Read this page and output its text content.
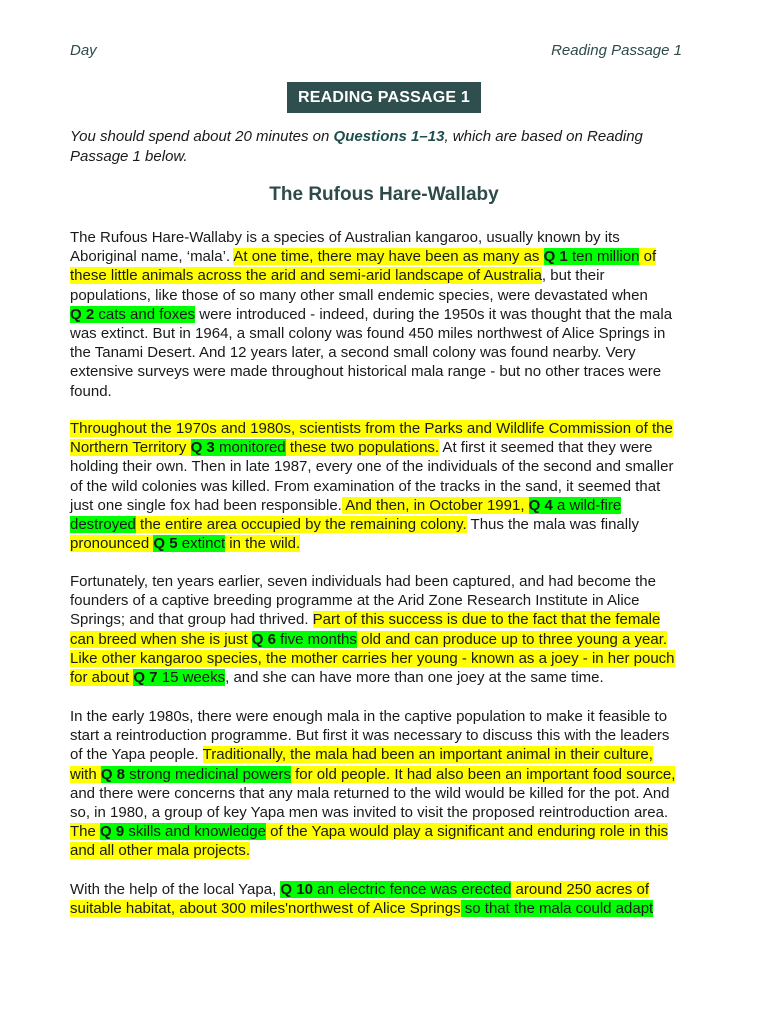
Day	Reading Passage 1
READING PASSAGE 1
You should spend about 20 minutes on Questions 1–13, which are based on Reading Passage 1 below.
The Rufous Hare-Wallaby
The Rufous Hare-Wallaby is a species of Australian kangaroo, usually known by its
Aboriginal name, ‘mala’. At one time, there may have been as many as Q 1 ten million of
these little animals across the arid and semi-arid landscape of Australia, but their
populations, like those of so many other small endemic species, were devastated when
Q 2 cats and foxes were introduced - indeed, during the 1950s it was thought that the mala
was extinct. But in 1964, a small colony was found 450 miles northwest of Alice Springs in
the Tanami Desert. And 12 years later, a second small colony was found nearby. Very
extensive surveys were made throughout historical mala range - but no other traces were
found.
Throughout the 1970s and 1980s, scientists from the Parks and Wildlife Commission of the
Northern Territory Q 3 monitored these two populations. At first it seemed that they were
holding their own. Then in late 1987, every one of the individuals of the second and smaller
of the wild colonies was killed. From examination of the tracks in the sand, it seemed that
just one single fox had been responsible. And then, in October 1991, Q 4 a wild-fire
destroyed the entire area occupied by the remaining colony. Thus the mala was finally
pronounced Q 5 extinct in the wild.
Fortunately, ten years earlier, seven individuals had been captured, and had become the
founders of a captive breeding programme at the Arid Zone Research Institute in Alice
Springs; and that group had thrived. Part of this success is due to the fact that the female
can breed when she is just Q 6 five months old and can produce up to three young a year.
Like other kangaroo species, the mother carries her young - known as a joey - in her pouch
for about Q 7 15 weeks, and she can have more than one joey at the same time.
In the early 1980s, there were enough mala in the captive population to make it feasible to
start a reintroduction programme. But first it was necessary to discuss this with the leaders
of the Yapa people. Traditionally, the mala had been an important animal in their culture,
with Q 8 strong medicinal powers for old people. It had also been an important food source,
and there were concerns that any mala returned to the wild would be killed for the pot. And
so, in 1980, a group of key Yapa men was invited to visit the proposed reintroduction area.
The Q 9 skills and knowledge of the Yapa would play a significant and enduring role in this
and all other mala projects.
With the help of the local Yapa, Q 10 an electric fence was erected around 250 acres of
suitable habitat, about 300 miles'northwest of Alice Springs so that the mala could adapt
